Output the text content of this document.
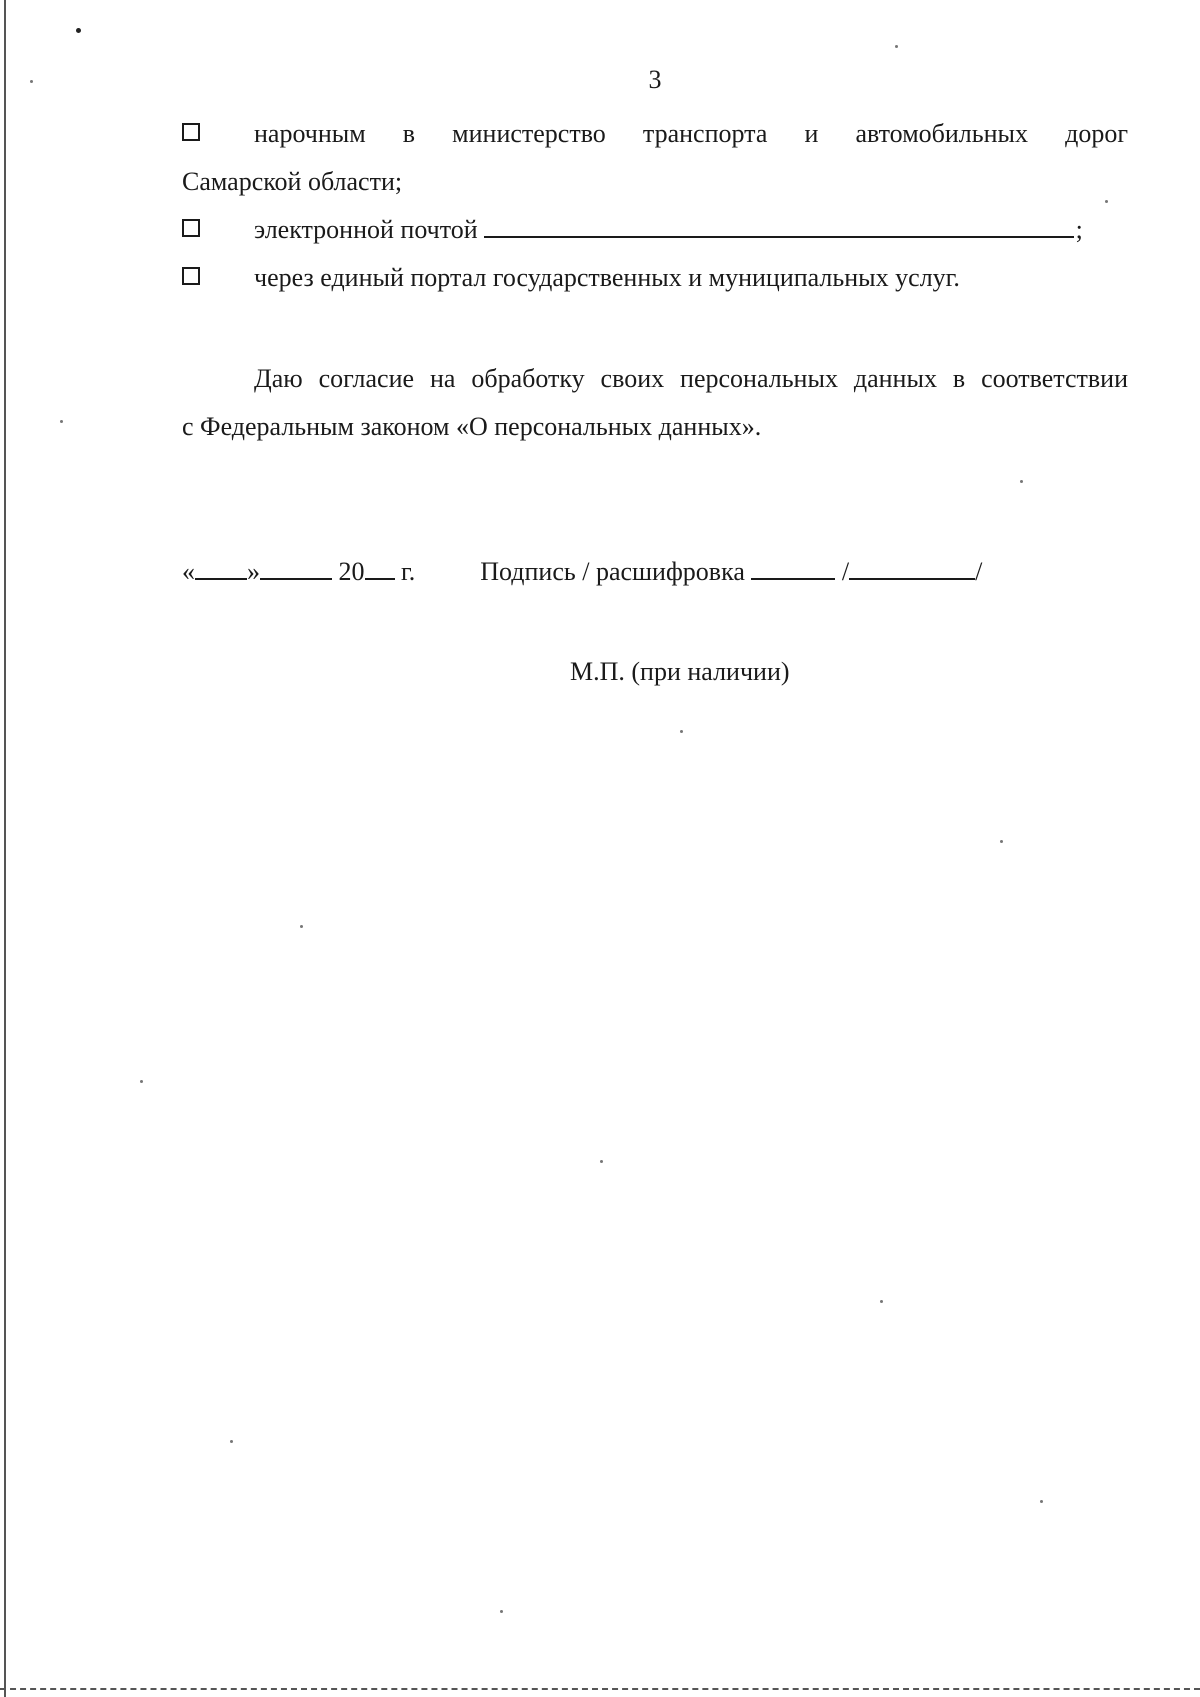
3
нарочным в министерство транспорта и автомобильных дорог
Самарской области;
электронной почтой	;
через единый портал государственных и муниципальных услуг.
Даю согласие на обработку своих персональных данных в соответствии
с Федеральным законом «О персональных данных».
« »	20 г.	Подпись / расшифровка	/	/
М.П. (при наличии)
